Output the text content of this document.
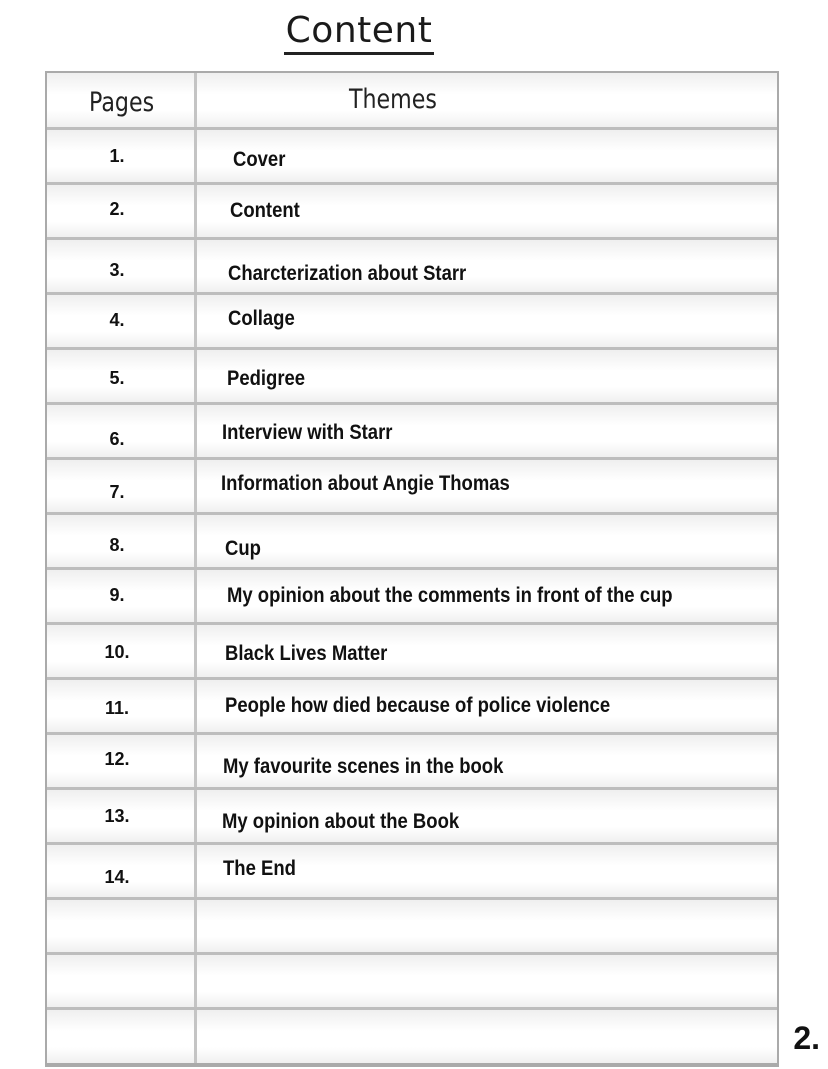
Content
Pages	Themes
1.	Cover
2.	Content
3.	Charcterization about Starr
4.	Collage
5.	Pedigree
6.	Interview with Starr
7.	Information about Angie Thomas
8.	Cup
9.	My opinion about the comments in front of the cup
10.	Black Lives Matter
11.	People how died because of police violence
12.	My favourite scenes in the book
13.	My opinion about the Book
14.	The End
2.
